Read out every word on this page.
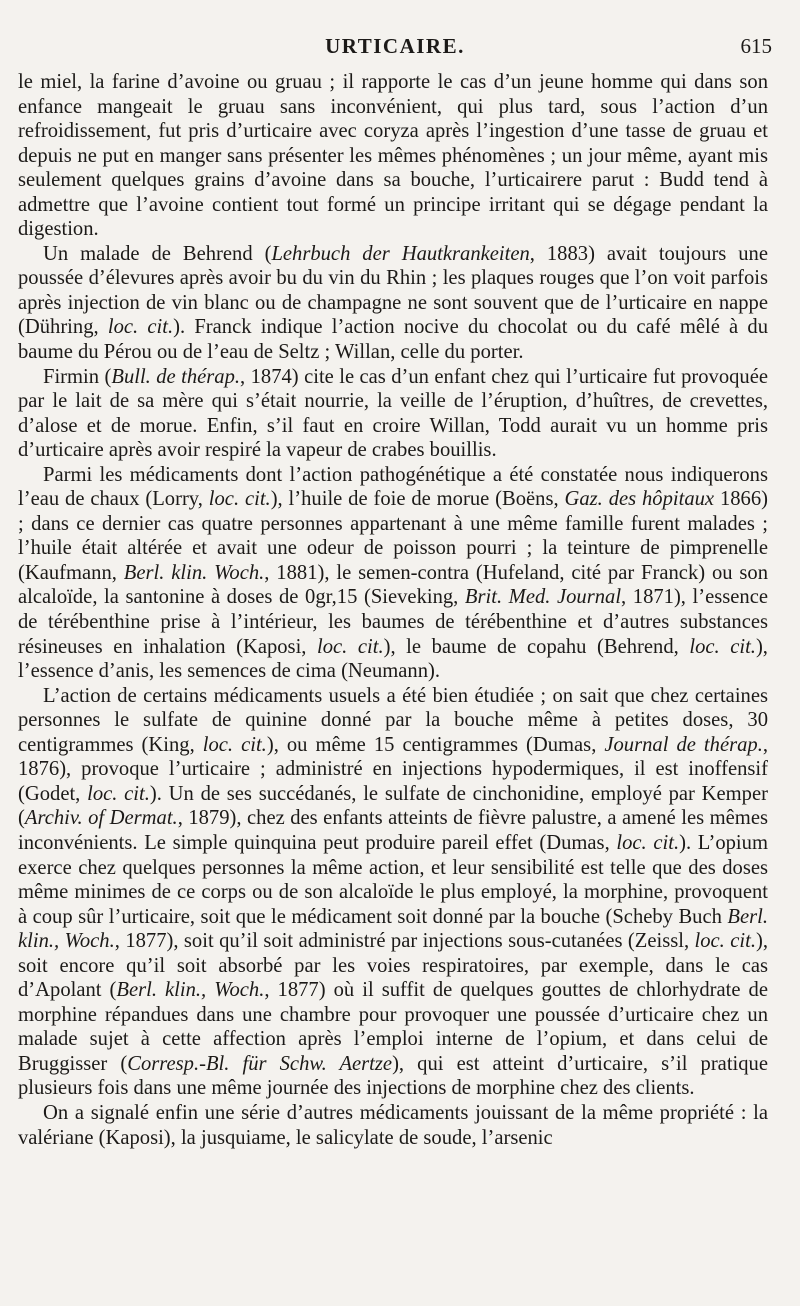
URTICAIRE.	615

le miel, la farine d’avoine ou gruau ; il rapporte le cas d’un jeune homme qui dans son enfance mangeait le gruau sans inconvénient, qui plus tard, sous l’action d’un refroidissement, fut pris d’urticaire avec coryza après l’ingestion d’une tasse de gruau et depuis ne put en manger sans présenter les mêmes phénomènes ; un jour même, ayant mis seulement quelques grains d’avoine dans sa bouche, l’urticairere parut : Budd tend à admettre que l’avoine contient tout formé un principe irritant qui se dégage pendant la digestion.

Un malade de Behrend (Lehrbuch der Hautkrankeiten, 1883) avait toujours une poussée d’élevures après avoir bu du vin du Rhin ; les plaques rouges que l’on voit parfois après injection de vin blanc ou de champagne ne sont souvent que de l’urticaire en nappe (Dühring, loc. cit.). Franck indique l’action nocive du chocolat ou du café mêlé à du baume du Pérou ou de l’eau de Seltz ; Willan, celle du porter.

Firmin (Bull. de thérap., 1874) cite le cas d’un enfant chez qui l’urticaire fut provoquée par le lait de sa mère qui s’était nourrie, la veille de l’éruption, d’huîtres, de crevettes, d’alose et de morue. Enfin, s’il faut en croire Willan, Todd aurait vu un homme pris d’urticaire après avoir respiré la vapeur de crabes bouillis.

Parmi les médicaments dont l’action pathogénétique a été constatée nous indiquerons l’eau de chaux (Lorry, loc. cit.), l’huile de foie de morue (Boëns, Gaz. des hôpitaux 1866) ; dans ce dernier cas quatre personnes appartenant à une même famille furent malades ; l’huile était altérée et avait une odeur de poisson pourri ; la teinture de pimprenelle (Kaufmann, Berl. klin. Woch., 1881), le semen-contra (Hufeland, cité par Franck) ou son alcaloïde, la santonine à doses de 0gr,15 (Sieveking, Brit. Med. Journal, 1871), l’essence de térébenthine prise à l’intérieur, les baumes de térébenthine et d’autres substances résineuses en inhalation (Kaposi, loc. cit.), le baume de copahu (Behrend, loc. cit.), l’essence d’anis, les semences de cima (Neumann).

L’action de certains médicaments usuels a été bien étudiée ; on sait que chez certaines personnes le sulfate de quinine donné par la bouche même à petites doses, 30 centigrammes (King, loc. cit.), ou même 15 centigrammes (Dumas, Journal de thérap., 1876), provoque l’urticaire ; administré en injections hypodermiques, il est inoffensif (Godet, loc. cit.). Un de ses succédanés, le sulfate de cinchonidine, employé par Kemper (Archiv. of Dermat., 1879), chez des enfants atteints de fièvre palustre, a amené les mêmes inconvénients. Le simple quinquina peut produire pareil effet (Dumas, loc. cit.). L’opium exerce chez quelques personnes la même action, et leur sensibilité est telle que des doses même minimes de ce corps ou de son alcaloïde le plus employé, la morphine, provoquent à coup sûr l’urticaire, soit que le médicament soit donné par la bouche (Scheby Buch Berl. klin., Woch., 1877), soit qu’il soit administré par injections sous-cutanées (Zeissl, loc. cit.), soit encore qu’il soit absorbé par les voies respiratoires, par exemple, dans le cas d’Apolant (Berl. klin., Woch., 1877) où il suffit de quelques gouttes de chlorhydrate de morphine répandues dans une chambre pour provoquer une poussée d’urticaire chez un malade sujet à cette affection après l’emploi interne de l’opium, et dans celui de Bruggisser (Corresp.-Bl. für Schw. Aertze), qui est atteint d’urticaire, s’il pratique plusieurs fois dans une même journée des injections de morphine chez des clients.

On a signalé enfin une série d’autres médicaments jouissant de la même propriété : la valériane (Kaposi), la jusquiame, le salicylate de soude, l’arsenic
